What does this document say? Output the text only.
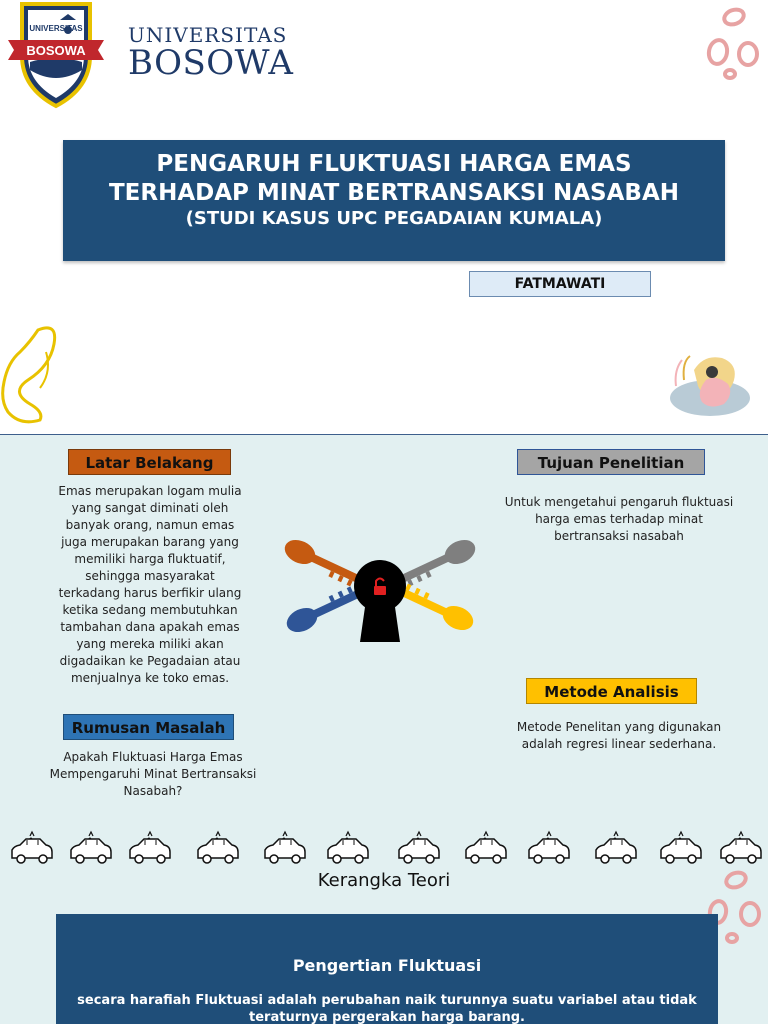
UNIVERSITAS
BOSOWA
UNIVERSITAS
BOSOWA
PENGARUH FLUKTUASI HARGA EMAS
TERHADAP MINAT BERTRANSAKSI NASABAH
(STUDI KASUS UPC PEGADAIAN KUMALA)
FATMAWATI
Latar Belakang
Emas merupakan logam mulia yang sangat diminati oleh banyak orang, namun emas juga merupakan barang yang memiliki harga fluktuatif, sehingga masyarakat terkadang harus berfikir ulang ketika sedang membutuhkan tambahan dana apakah emas yang mereka miliki akan digadaikan ke Pegadaian atau menjualnya ke toko emas.
Tujuan Penelitian
Untuk mengetahui pengaruh fluktuasi harga emas terhadap minat bertransaksi nasabah
Rumusan Masalah
Apakah Fluktuasi Harga Emas Mempengaruhi Minat Bertransaksi Nasabah?
Metode Analisis
Metode Penelitan yang digunakan adalah regresi linear sederhana.
Kerangka Teori
Pengertian Fluktuasi
secara harafiah Fluktuasi adalah perubahan naik turunnya suatu variabel atau tidak teraturnya pergerakan harga barang.
